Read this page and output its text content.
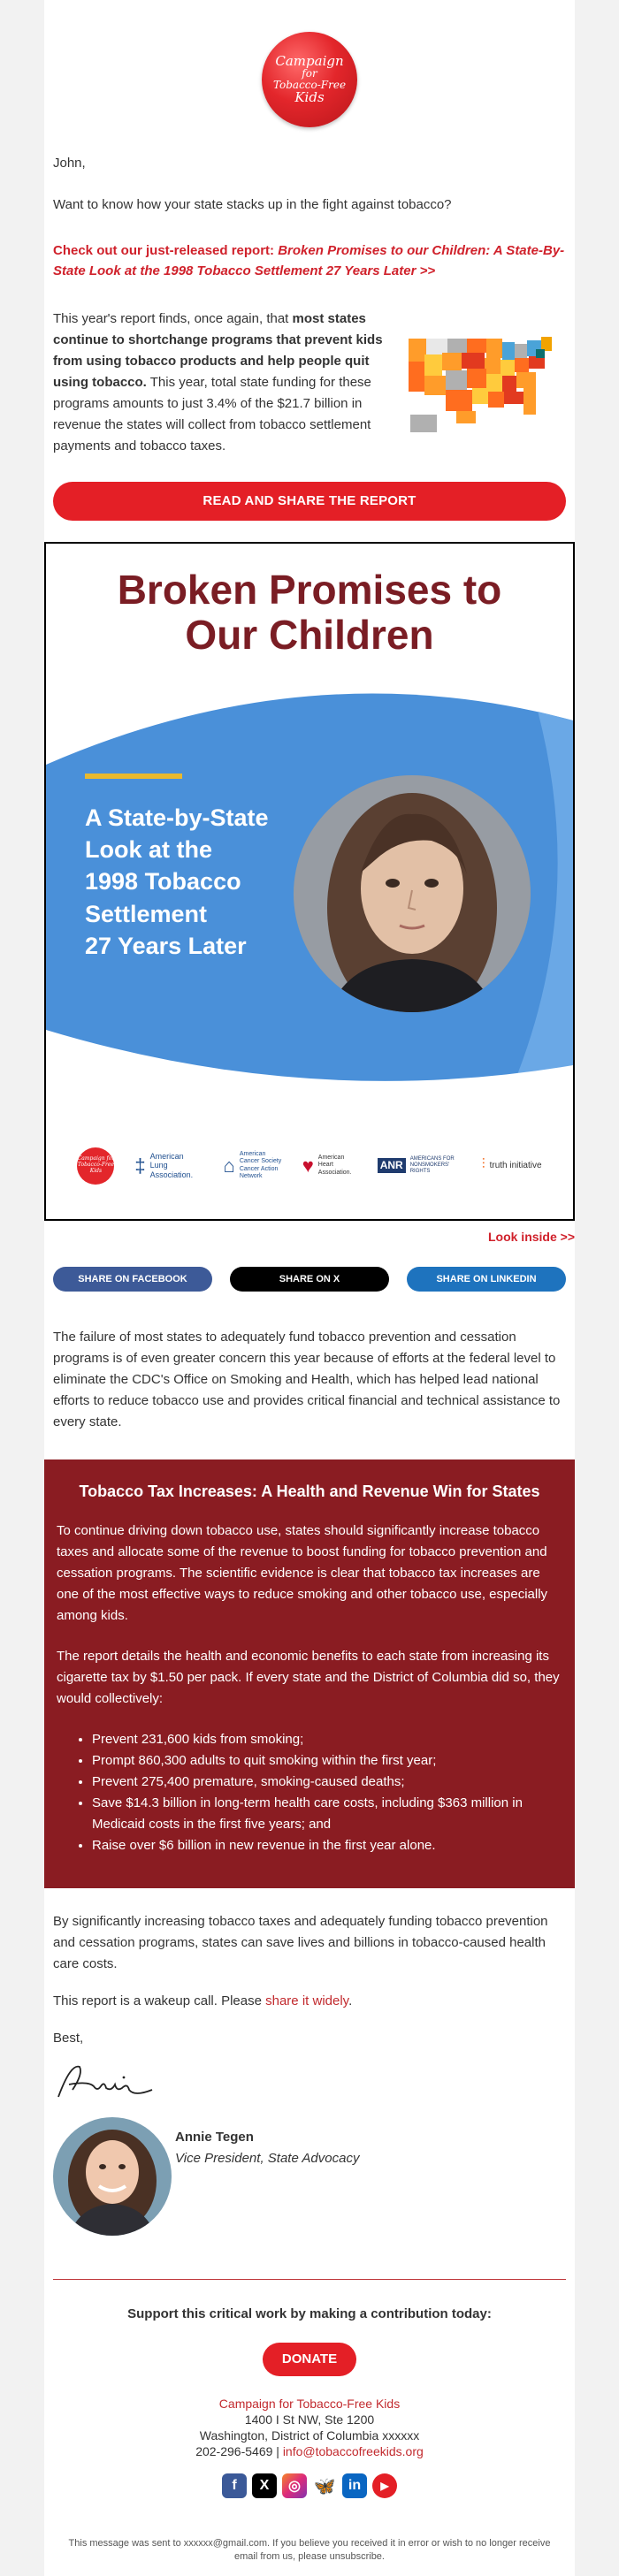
Campaign
for
Tobacco-Free
Kids

John,

Want to know how your state stacks up in the fight against tobacco?

Check out our just-released report: Broken Promises to our Children: A State-By-State Look at the 1998 Tobacco Settlement 27 Years Later >>

This year's report finds, once again, that most states continue to shortchange programs that prevent kids from using tobacco products and help people quit using tobacco. This year, total state funding for these programs amounts to just 3.4% of the $21.7 billion in revenue the states will collect from tobacco settlement payments and tobacco taxes.

READ AND SHARE THE REPORT
Broken Promises to
Our Children
A State-by-State
Look at the
1998 Tobacco
Settlement
27 Years Later
Campaign for Tobacco-Free Kids	‡ American Lung Association.	⌂ American Cancer Society Cancer Action Network	♥ American Heart Association.
ANR	AMERICANS FOR NONSMOKERS' RIGHTS	⫶ truth initiative

Look inside >>

SHARE ON FACEBOOK	SHARE ON X	SHARE ON LINKEDIN

The failure of most states to adequately fund tobacco prevention and cessation programs is of even greater concern this year because of efforts at the federal level to eliminate the CDC's Office on Smoking and Health, which has helped lead national efforts to reduce tobacco use and provides critical financial and technical assistance to every state.

Tobacco Tax Increases: A Health and Revenue Win for States

To continue driving down tobacco use, states should significantly increase tobacco taxes and allocate some of the revenue to boost funding for tobacco prevention and cessation programs. The scientific evidence is clear that tobacco tax increases are one of the most effective ways to reduce smoking and other tobacco use, especially among kids.

The report details the health and economic benefits to each state from increasing its cigarette tax by $1.50 per pack. If every state and the District of Columbia did so, they would collectively:

• Prevent 231,600 kids from smoking;
• Prompt 860,300 adults to quit smoking within the first year;
• Prevent 275,400 premature, smoking-caused deaths;
• Save $14.3 billion in long-term health care costs, including $363 million in Medicaid costs in the first five years; and
• Raise over $6 billion in new revenue in the first year alone.

By significantly increasing tobacco taxes and adequately funding tobacco prevention and cessation programs, states can save lives and billions in tobacco-caused health care costs.

This report is a wakeup call. Please share it widely.

Best,

Annie Tegen

Vice President, State Advocacy

Support this critical work by making a contribution today:

DONATE

Campaign for Tobacco-Free Kids

1400 I St NW, Ste 1200

Washington, District of Columbia xxxxxx

202-296-5469 | info@tobaccofreekids.org

f	X	◎ 🦋 in	▶

This message was sent to xxxxxx@gmail.com. If you believe you received it in error or wish to no longer receive email from us, please unsubscribe.
